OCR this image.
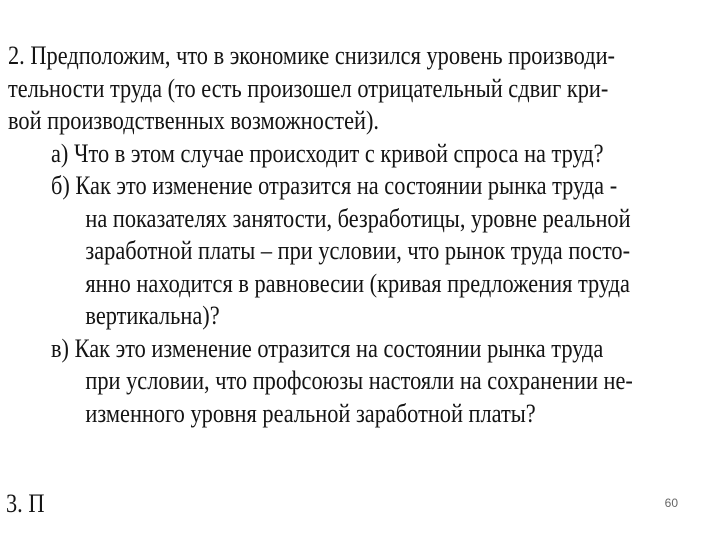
2. Предположим, что в экономике снизился уровень производи-
тельности труда (то есть произошел отрицательный сдвиг кри-
вой производственных возможностей).
а) Что в этом случае происходит с кривой спроса на труд?
б) Как это изменение отразится на состоянии рынка труда -
на показателях занятости, безработицы, уровне реальной
заработной платы – при условии, что рынок труда посто-
янно находится в равновесии (кривая предложения труда
вертикальна)?
в) Как это изменение отразится на состоянии рынка труда
при условии, что профсоюзы настояли на сохранении не-
изменного уровня реальной заработной платы?
3. П	60
